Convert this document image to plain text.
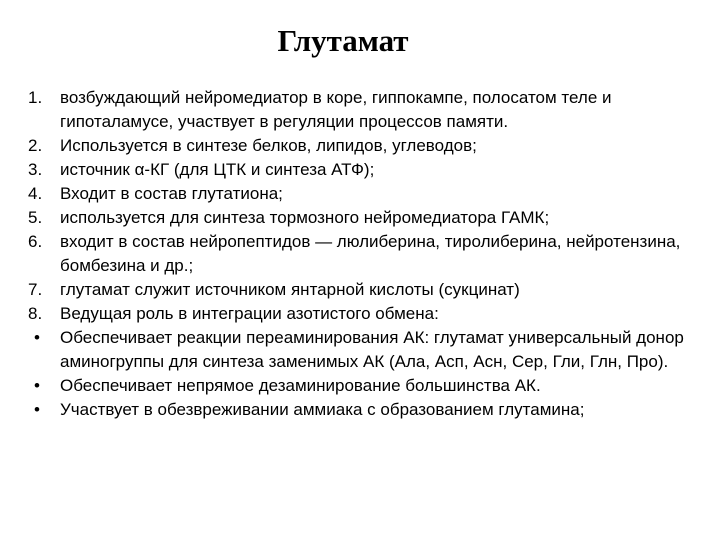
Глутамат
1.	возбуждающий нейромедиатор в коре, гиппокампе, полосатом теле и гипоталамусе, участвует в регуляции процессов памяти.
2.	Используется в синтезе белков, липидов, углеводов;
3.	источник α-КГ (для ЦТК и синтеза АТФ);
4.	Входит в состав глутатиона;
5.	используется для синтеза тормозного нейромедиатора ГАМК;
6.	входит в состав нейропептидов — люлиберина, тиролиберина, нейротензина, бомбезина и др.;
7.	глутамат служит источником янтарной кислоты (сукцинат)
8.	Ведущая роль в интеграции азотистого обмена:
•	Обеспечивает реакции переаминирования АК: глутамат универсальный донор аминогруппы для синтеза заменимых АК (Ала, Асп, Асн, Сер, Гли, Глн, Про).
•	Обеспечивает непрямое дезаминирование большинства АК.
•	Участвует в обезвреживании аммиака с образованием глутамина;
